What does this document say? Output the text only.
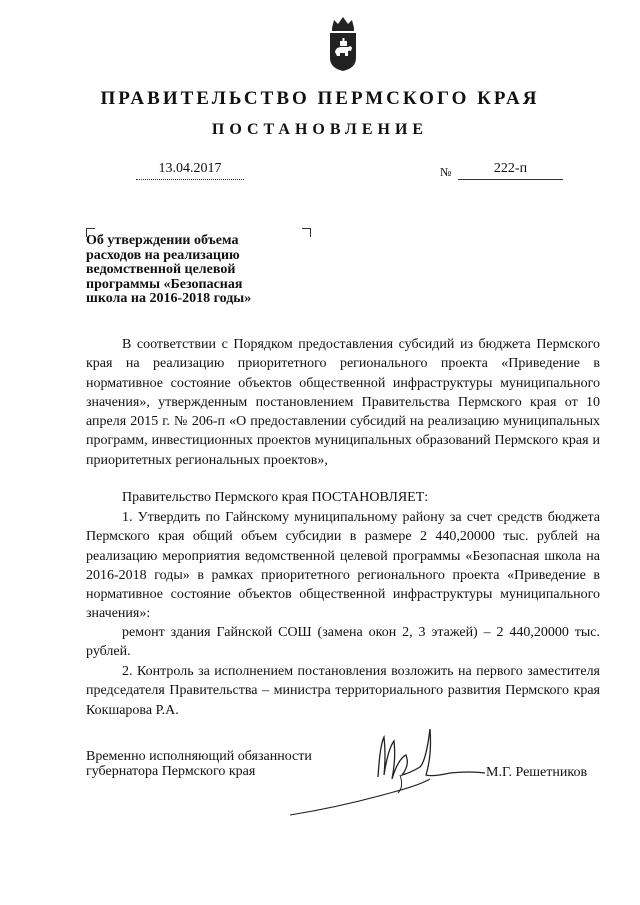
ПРАВИТЕЛЬСТВО ПЕРМСКОГО КРАЯ
ПОСТАНОВЛЕНИЕ
13.04.2017	№	222-п
Об утверждении объема расходов на реализацию ведомственной целевой программы «Безопасная школа на 2016-2018 годы»
В соответствии с Порядком предоставления субсидий из бюджета Пермского края на реализацию приоритетного регионального проекта «Приведение в нормативное состояние объектов общественной инфраструктуры муниципального значения», утвержденным постановлением Правительства Пермского края от 10 апреля 2015 г. № 206-п «О предоставлении субсидий на реализацию муниципальных программ, инвестиционных проектов муниципальных образований Пермского края и приоритетных региональных проектов»,
Правительство Пермского края ПОСТАНОВЛЯЕТ:
1. Утвердить по Гайнскому муниципальному району за счет средств бюджета Пермского края общий объем субсидии в размере 2 440,20000 тыс. рублей на реализацию мероприятия ведомственной целевой программы «Безопасная школа на 2016-2018 годы» в рамках приоритетного регионального проекта «Приведение в нормативное состояние объектов общественной инфраструктуры муниципального значения»:
ремонт здания Гайнской СОШ (замена окон 2, 3 этажей) – 2 440,20000 тыс. рублей.
2. Контроль за исполнением постановления возложить на первого заместителя председателя Правительства – министра территориального развития Пермского края Кокшарова Р.А.
Временно исполняющий обязанности губернатора Пермского края	М.Г. Решетников
